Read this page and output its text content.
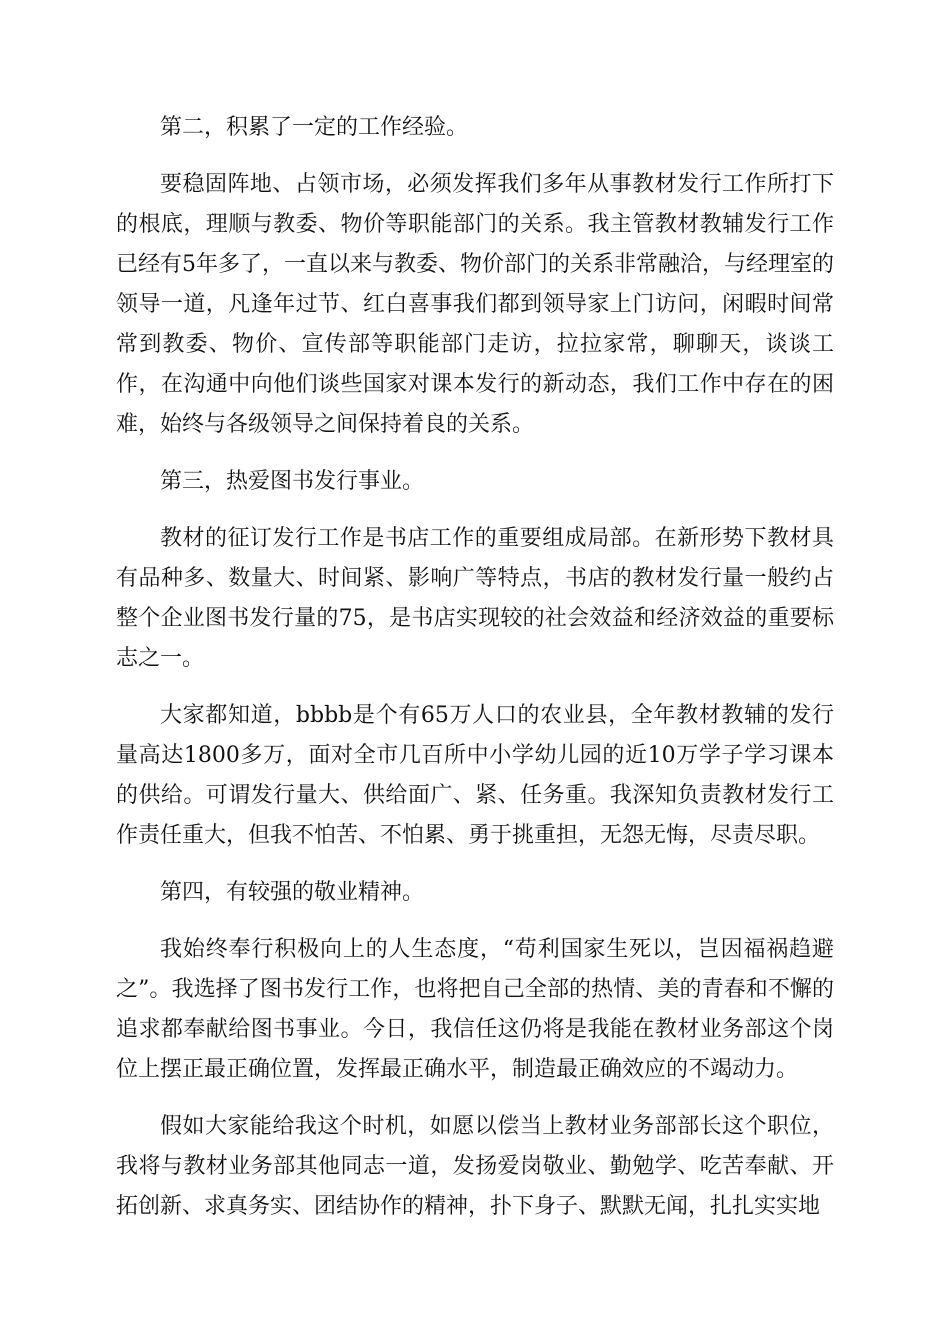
第二，积累了一定的工作经验。

要稳固阵地、占领市场，必须发挥我们多年从事教材发行工作所打下的根底，理顺与教委、物价等职能部门的关系。我主管教材教辅发行工作已经有5年多了，一直以来与教委、物价部门的关系非常融洽，与经理室的领导一道，凡逢年过节、红白喜事我们都到领导家上门访问，闲暇时间常常到教委、物价、宣传部等职能部门走访，拉拉家常，聊聊天，谈谈工作，在沟通中向他们谈些国家对课本发行的新动态，我们工作中存在的困难，始终与各级领导之间保持着良的关系。

第三，热爱图书发行事业。

教材的征订发行工作是书店工作的重要组成局部。在新形势下教材具有品种多、数量大、时间紧、影响广等特点，书店的教材发行量一般约占整个企业图书发行量的75，是书店实现较的社会效益和经济效益的重要标志之一。

大家都知道，bbbb是个有65万人口的农业县，全年教材教辅的发行量高达1800多万，面对全市几百所中小学幼儿园的近10万学子学习课本的供给。可谓发行量大、供给面广、紧、任务重。我深知负责教材发行工作责任重大，但我不怕苦、不怕累、勇于挑重担，无怨无悔，尽责尽职。

第四，有较强的敬业精神。

我始终奉行积极向上的人生态度，“苟利国家生死以，岂因福祸趋避之”。我选择了图书发行工作，也将把自己全部的热情、美的青春和不懈的追求都奉献给图书事业。今日，我信任这仍将是我能在教材业务部这个岗位上摆正最正确位置，发挥最正确水平，制造最正确效应的不竭动力。

假如大家能给我这个时机，如愿以偿当上教材业务部部长这个职位，我将与教材业务部其他同志一道，发扬爱岗敬业、勤勉学、吃苦奉献、开拓创新、求真务实、团结协作的精神，扑下身子、默默无闻，扎扎实实地
